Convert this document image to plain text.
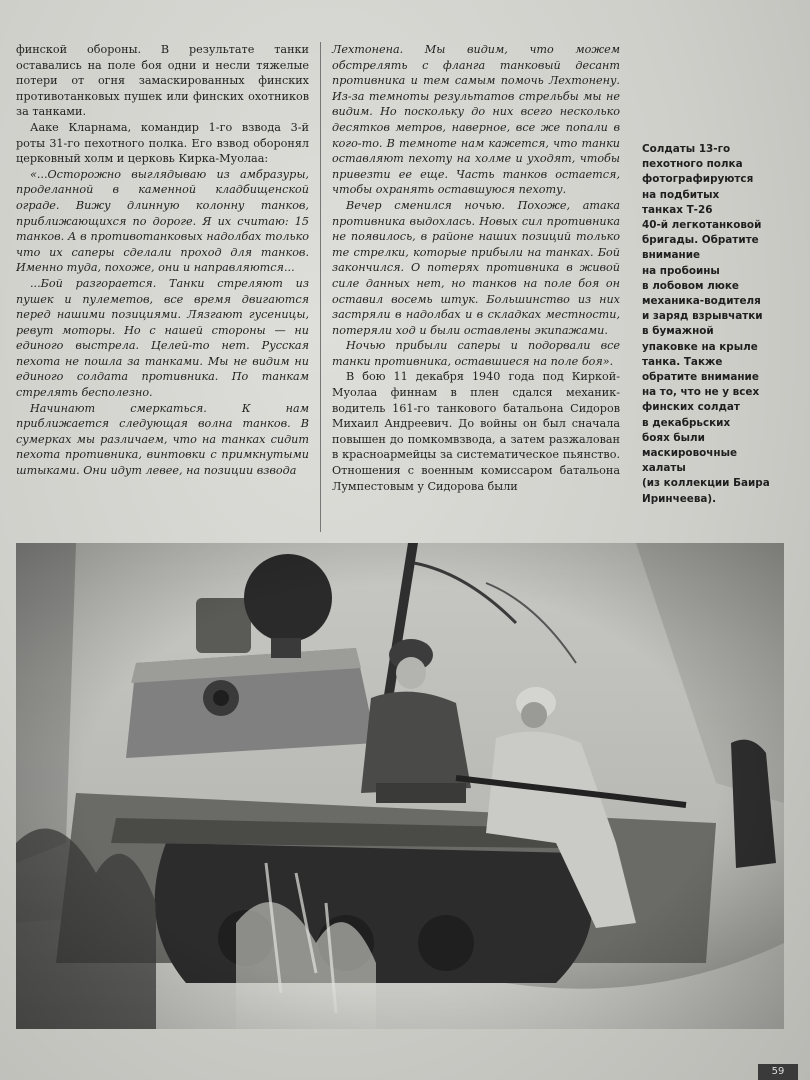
финской обороны. В результате танки оставались на поле боя одни и несли тяжелые потери от огня замаскированных финских противотанковых пушек или финских охотников за танками.

Ааке Кларнама, командир 1-го взвода 3-й роты 31-го пехотного полка. Его взвод оборонял церковный холм и церковь Кирка-Муолаа:

«...Осторожно выглядываю из амбразуры, проделанной в каменной кладбищенской ограде. Вижу длинную колонну танков, приближающихся по дороге. Я их считаю: 15 танков. А в противотанковых надолбах только что их саперы сделали проход для танков. Именно туда, похоже, они и направляются...

...Бой разгорается. Танки стреляют из пушек и пулеметов, все время двигаются перед нашими позициями. Лязгают гусеницы, ревут моторы. Но с нашей стороны — ни единого выстрела. Целей-то нет. Русская пехота не пошла за танками. Мы не видим ни единого солдата противника. По танкам стрелять бесполезно.

Начинают смеркаться. К нам приближается следующая волна танков. В сумерках мы различаем, что на танках сидит пехота противника, винтовки с примкнутыми штыками. Они идут левее, на позиции взвода

Лехтонена. Мы видим, что можем обстрелять с фланга танковый десант противника и тем самым помочь Лехтонену. Из-за темноты результатов стрельбы мы не видим. Но поскольку до них всего несколько десятков метров, наверное, все же попали в кого-то. В темноте нам кажется, что танки оставляют пехоту на холме и уходят, чтобы привезти ее еще. Часть танков остается, чтобы охранять оставшуюся пехоту.

Вечер сменился ночью. Похоже, атака противника выдохлась. Новых сил противника не появилось, в районе наших позиций только те стрелки, которые прибыли на танках. Бой закончился. О потерях противника в живой силе данных нет, но танков на поле боя он оставил восемь штук. Большинство из них застряли в надолбах и в складках местности, потеряли ход и были оставлены экипажами.

Ночью прибыли саперы и подорвали все танки противника, оставшиеся на поле боя».

В бою 11 декабря 1940 года под Киркой-Муолаа финнам в плен сдался механик-водитель 161-го танкового батальона Сидоров Михаил Андреевич. До войны он был сначала повышен до помкомвзвода, а затем разжалован в красноармейцы за систематическое пьянство. Отношения с военным комиссаром батальона Лумпестовым у Сидорова были

Солдаты 13-го
пехотного полка
фотографируются
на подбитых
танках Т-26
40-й легкотанковой
бригады. Обратите
внимание
на пробоины
в лобовом люке
механика-водителя
и заряд взрывчатки
в бумажной
упаковке на крыле
танка. Также
обратите внимание
на то, что не у всех
финских солдат
в декабрьских
боях были
маскировочные
халаты
(из коллекции Баира Иринчеева).
59
